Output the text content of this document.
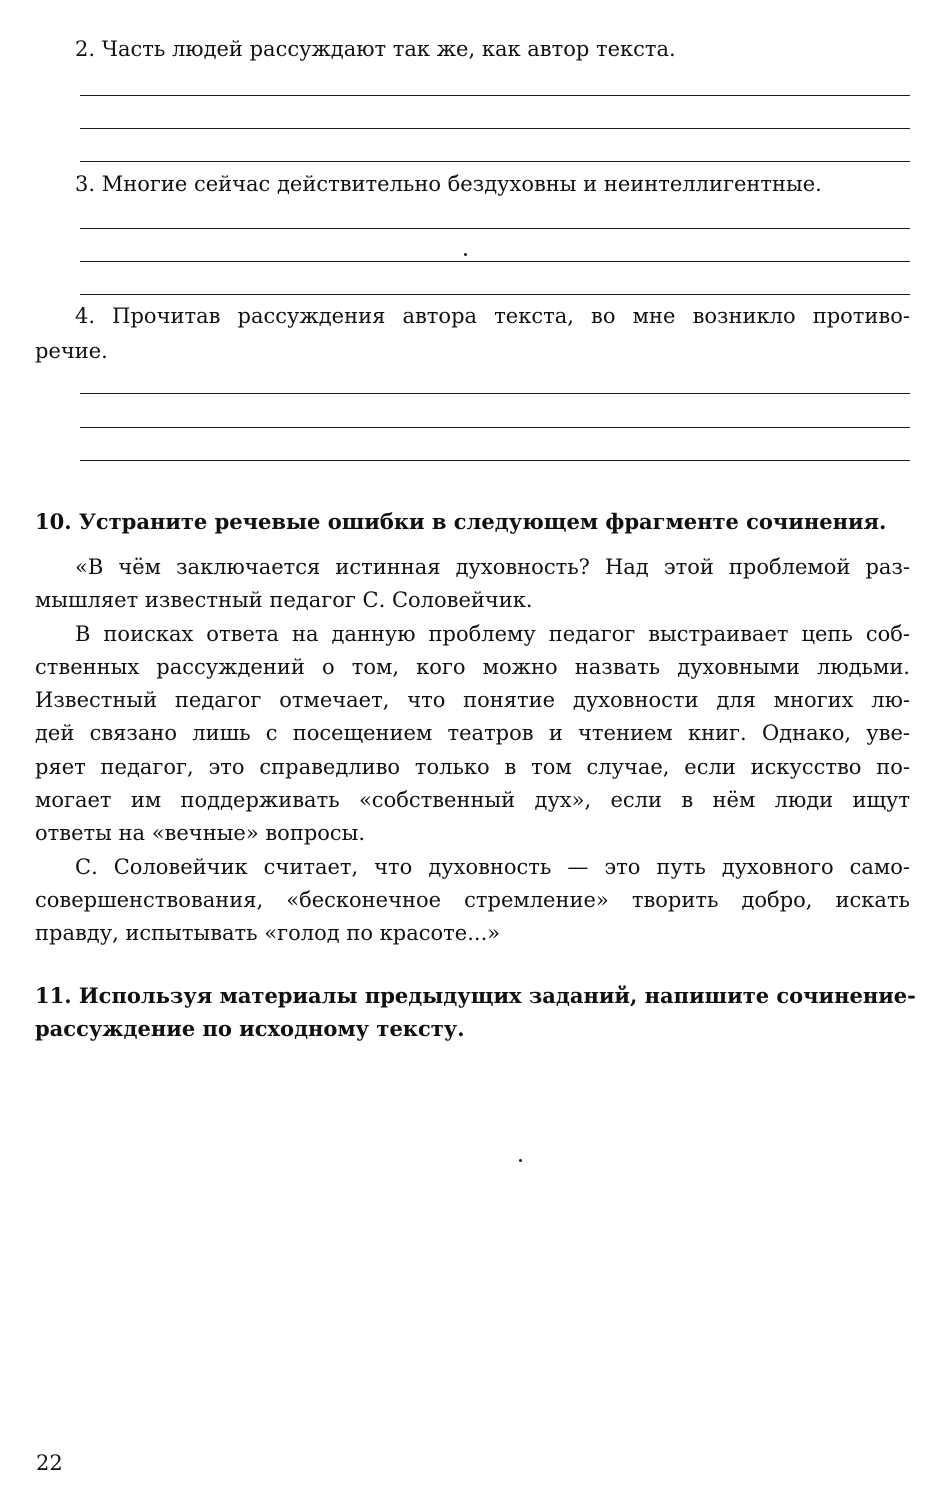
2. Часть людей рассуждают так же, как автор текста.
3. Многие сейчас действительно бездуховны и неинтеллигентные.
4. Прочитав рассуждения автора текста, во мне возникло противо-
речие.
10. Устраните речевые ошибки в следующем фрагменте сочинения.
«В чём заключается истинная духовность? Над этой проблемой раз-
мышляет известный педагог С. Соловейчик.
В поисках ответа на данную проблему педагог выстраивает цепь соб-
ственных рассуждений о том, кого можно назвать духовными людьми.
Известный педагог отмечает, что понятие духовности для многих лю-
дей связано лишь с посещением театров и чтением книг. Однако, уве-
ряет педагог, это справедливо только в том случае, если искусство по-
могает им поддерживать «собственный дух», если в нём люди ищут
ответы на «вечные» вопросы.
С. Соловейчик считает, что духовность — это путь духовного само-
совершенствования, «бесконечное стремление» творить добро, искать
правду, испытывать «голод по красоте...»
11. Используя материалы предыдущих заданий, напишите сочинение-
рассуждение по исходному тексту.
22
